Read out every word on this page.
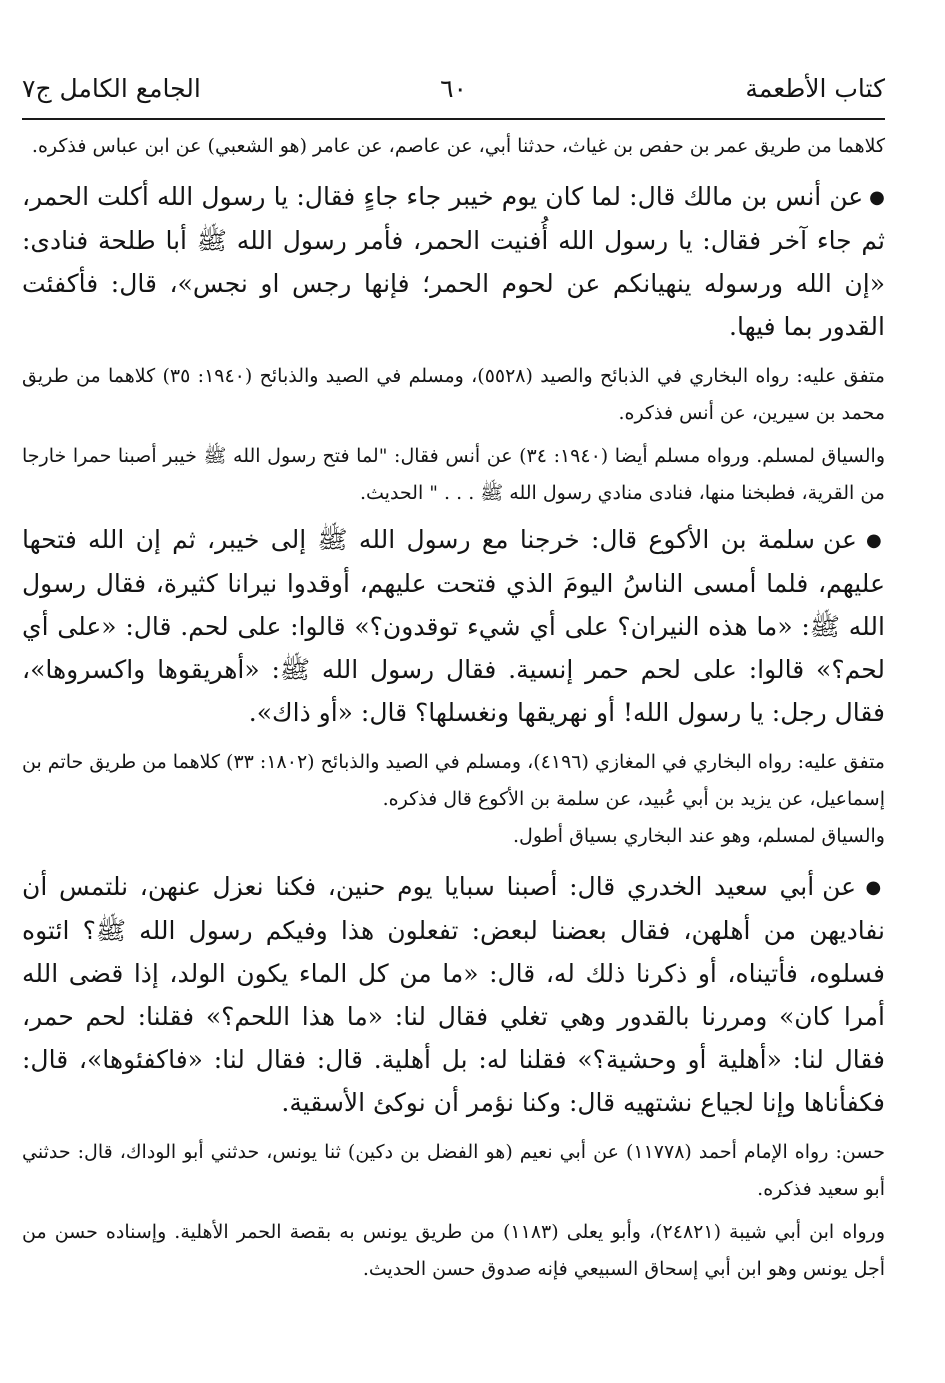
كتاب الأطعمة
٦٠
الجامع الكامل ج٧

كلاهما من طريق عمر بن حفص بن غياث، حدثنا أبي، عن عاصم، عن عامر (هو الشعبي) عن ابن عباس فذكره.

● عن أنس بن مالك قال: لما كان يوم خيبر جاء جاءٍ فقال: يا رسول الله أكلت الحمر، ثم جاء آخر فقال: يا رسول الله أُفنيت الحمر، فأمر رسول الله ﷺ أبا طلحة فنادى: «إن الله ورسوله ينهيانكم عن لحوم الحمر؛ فإنها رجس او نجس»، قال: فأكفئت القدور بما فيها.

متفق عليه: رواه البخاري في الذبائح والصيد (٥٥٢٨)، ومسلم في الصيد والذبائح (١٩٤٠: ٣٥) كلاهما من طريق محمد بن سيرين، عن أنس فذكره.

والسياق لمسلم. ورواه مسلم أيضا (١٩٤٠: ٣٤) عن أنس فقال: "لما فتح رسول الله ﷺ خيبر أصبنا حمرا خارجا من القرية، فطبخنا منها، فنادى منادي رسول الله ﷺ . . . " الحديث.

● عن سلمة بن الأكوع قال: خرجنا مع رسول الله ﷺ إلى خيبر، ثم إن الله فتحها عليهم، فلما أمسى الناسُ اليومَ الذي فتحت عليهم، أوقدوا نيرانا كثيرة، فقال رسول الله ﷺ: «ما هذه النيران؟ على أي شيء توقدون؟» قالوا: على لحم. قال: «على أي لحم؟» قالوا: على لحم حمر إنسية. فقال رسول الله ﷺ: «أهريقوها واكسروها»، فقال رجل: يا رسول الله! أو نهريقها ونغسلها؟ قال: «أو ذاك».

متفق عليه: رواه البخاري في المغازي (٤١٩٦)، ومسلم في الصيد والذبائح (١٨٠٢: ٣٣) كلاهما من طريق حاتم بن إسماعيل، عن يزيد بن أبي عُبيد، عن سلمة بن الأكوع قال فذكره.

والسياق لمسلم، وهو عند البخاري بسياق أطول.

● عن أبي سعيد الخدري قال: أصبنا سبايا يوم حنين، فكنا نعزل عنهن، نلتمس أن نفاديهن من أهلهن، فقال بعضنا لبعض: تفعلون هذا وفيكم رسول الله ﷺ؟ ائتوه فسلوه، فأتيناه، أو ذكرنا ذلك له، قال: «ما من كل الماء يكون الولد، إذا قضى الله أمرا كان» ومررنا بالقدور وهي تغلي فقال لنا: «ما هذا اللحم؟» فقلنا: لحم حمر، فقال لنا: «أهلية أو وحشية؟» فقلنا له: بل أهلية. قال: فقال لنا: «فاكفئوها»، قال: فكفأناها وإنا لجياع نشتهيه قال: وكنا نؤمر أن نوكئ الأسقية.

حسن: رواه الإمام أحمد (١١٧٧٨) عن أبي نعيم (هو الفضل بن دكين) ثنا يونس، حدثني أبو الوداك، قال: حدثني أبو سعيد فذكره.

ورواه ابن أبي شيبة (٢٤٨٢١)، وأبو يعلى (١١٨٣) من طريق يونس به بقصة الحمر الأهلية. وإسناده حسن من أجل يونس وهو ابن أبي إسحاق السبيعي فإنه صدوق حسن الحديث.
